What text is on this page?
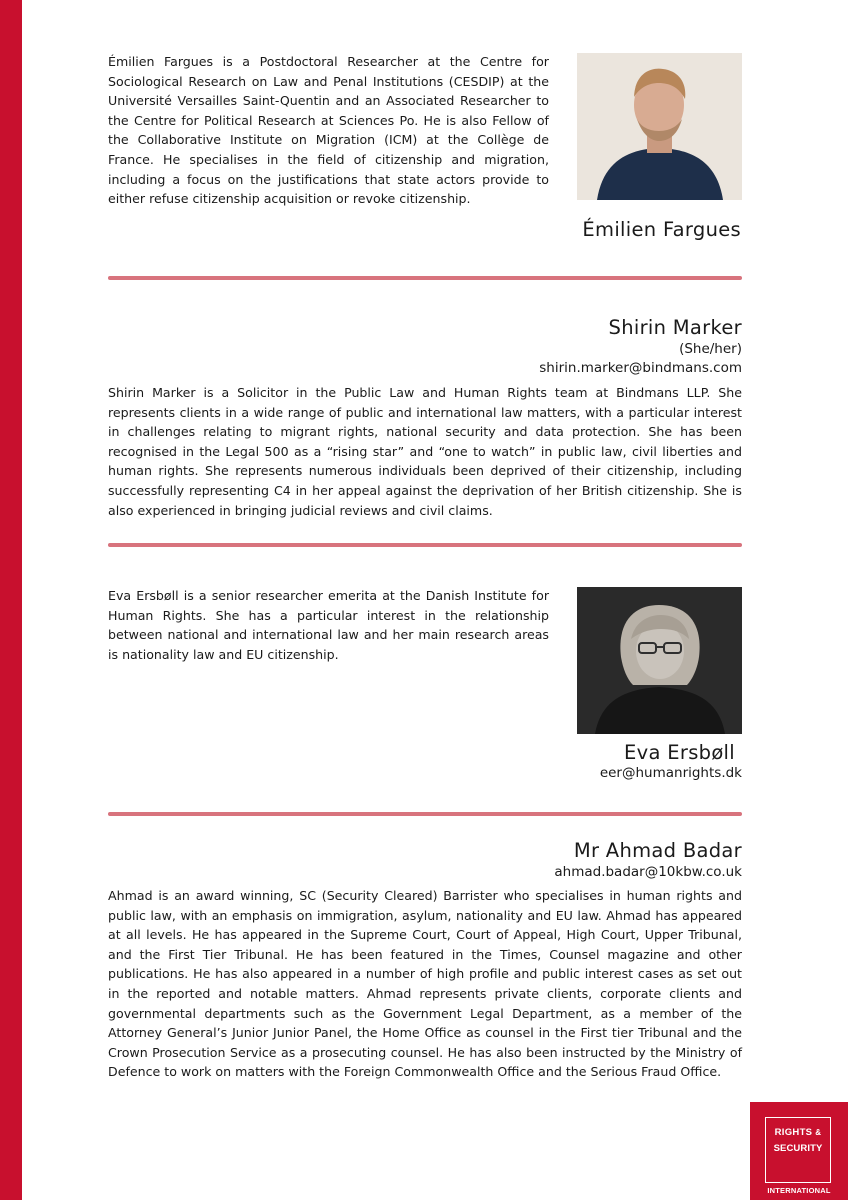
Émilien Fargues is a Postdoctoral Researcher at the Centre for Sociological Research on Law and Penal Institutions (CESDIP) at the Université Versailles Saint-Quentin and an Associated Researcher to the Centre for Political Research at Sciences Po. He is also Fellow of the Collaborative Institute on Migration (ICM) at the Collège de France. He specialises in the field of citizenship and migration, including a focus on the justifications that state actors provide to either refuse citizenship acquisition or revoke citizenship.

Émilien Fargues
Shirin Marker
(She/her)
shirin.marker@bindmans.com

Shirin Marker is a Solicitor in the Public Law and Human Rights team at Bindmans LLP. She represents clients in a wide range of public and international law matters, with a particular interest in challenges relating to migrant rights, national security and data protection. She has been recognised in the Legal 500 as a “rising star” and “one to watch” in public law, civil liberties and human rights. She represents numerous individuals been deprived of their citizenship, including successfully representing C4 in her appeal against the deprivation of her British citizenship. She is also experienced in bringing judicial reviews and civil claims.

Eva Ersbøll is a senior researcher emerita at the Danish Institute for Human Rights. She has a particular interest in the relationship between national and international law and her main research areas is nationality law and EU citizenship.

Eva Ersbøll
eer@humanrights.dk
Mr Ahmad Badar
ahmad.badar@10kbw.co.uk

Ahmad is an award winning, SC (Security Cleared) Barrister who specialises in human rights and public law, with an emphasis on immigration, asylum, nationality and EU law. Ahmad has appeared at all levels. He has appeared in the Supreme Court, Court of Appeal, High Court, Upper Tribunal, and the First Tier Tribunal. He has been featured in the Times, Counsel magazine and other publications. He has also appeared in a number of high profile and public interest cases as set out in the reported and notable matters. Ahmad represents private clients, corporate clients and governmental departments such as the Government Legal Department, as a member of the Attorney General’s Junior Junior Panel, the Home Office as counsel in the First tier Tribunal and the Crown Prosecution Service as a prosecuting counsel. He has also been instructed by the Ministry of Defence to work on matters with the Foreign Commonwealth Office and the Serious Fraud Office.

RIGHTS &
SECURITY
INTERNATIONAL
